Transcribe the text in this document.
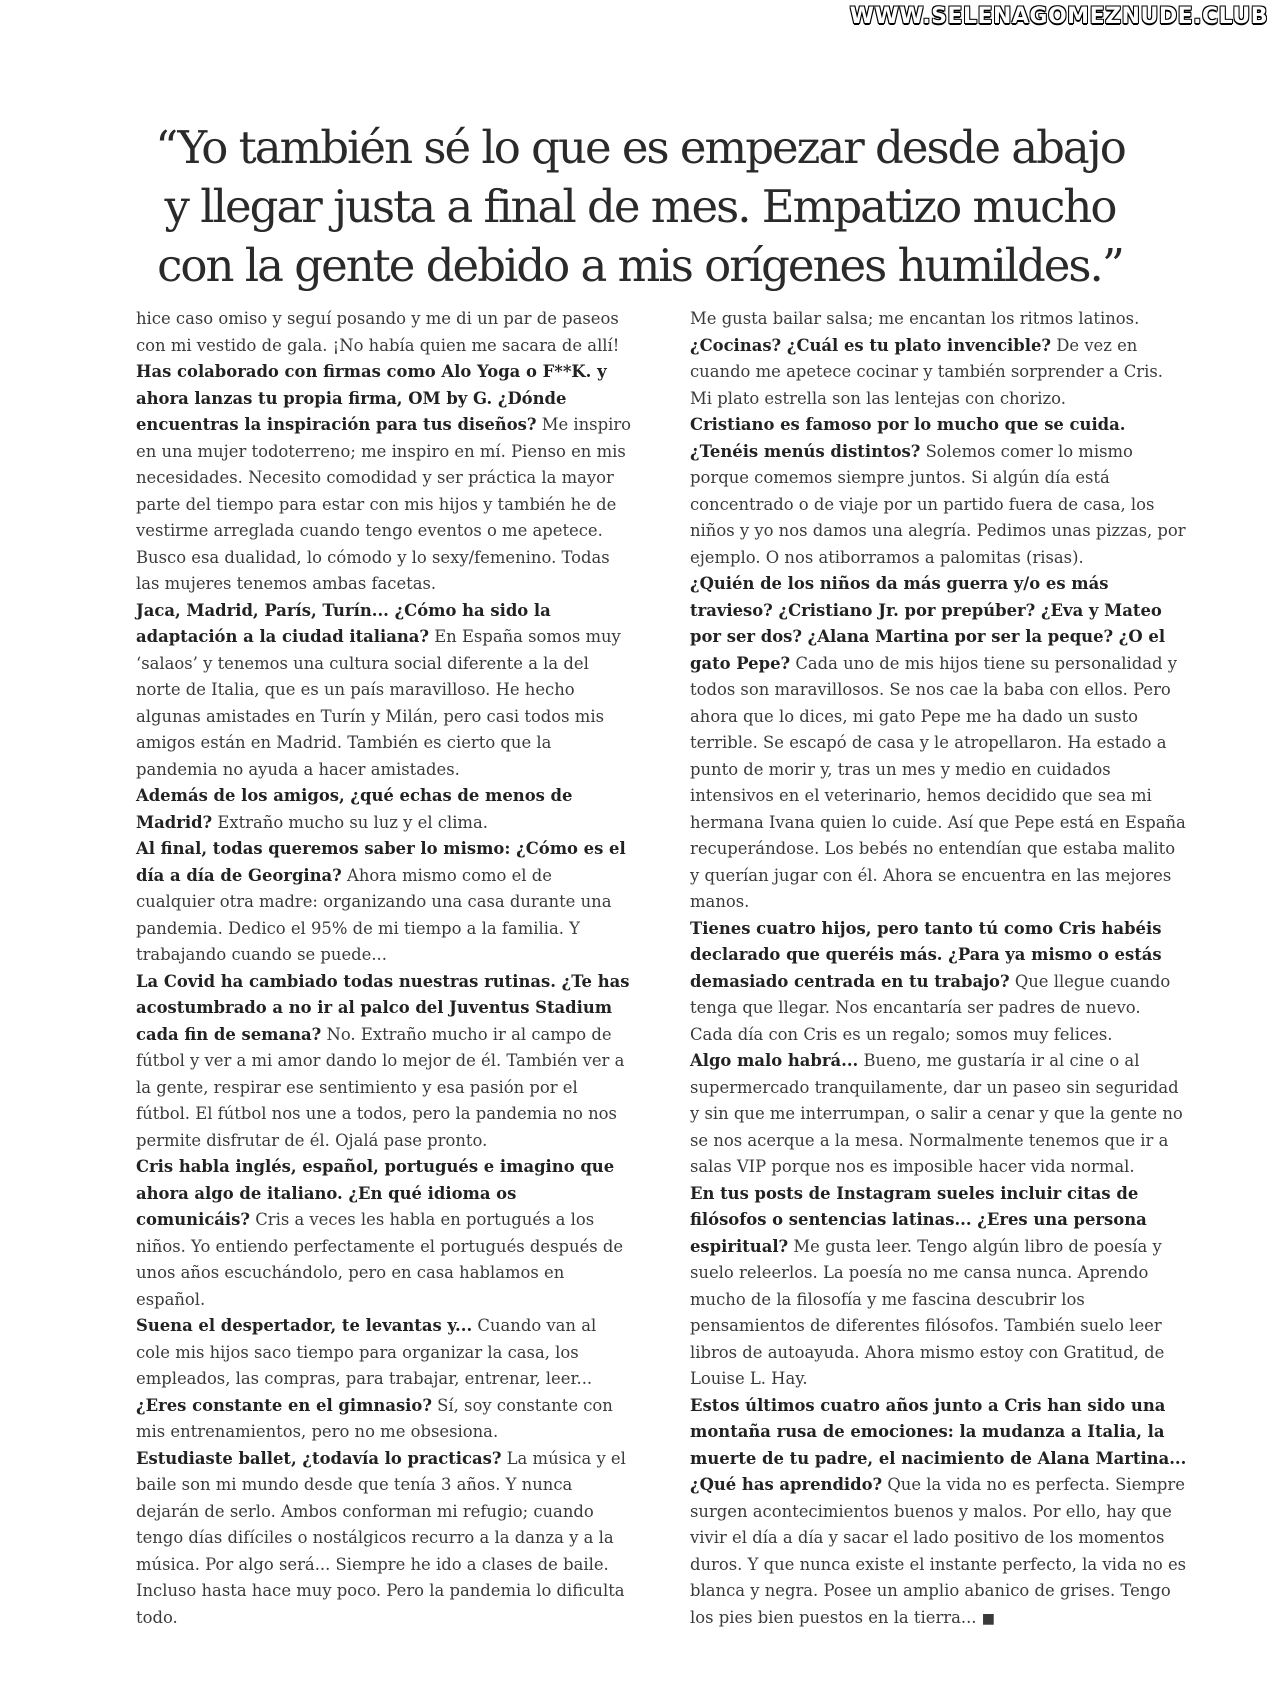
WWW.SELENAGOMEZNUDE.CLUB
“Yo también sé lo que es empezar desde abajo y llegar justa a final de mes. Empatizo mucho con la gente debido a mis orígenes humildes.”

hice caso omiso y seguí posando y me di un par de paseos con mi vestido de gala. ¡No había quien me sacara de allí!

Has colaborado con firmas como Alo Yoga o F**K. y ahora lanzas tu propia firma, OM by G. ¿Dónde encuentras la inspiración para tus diseños? Me inspiro en una mujer todoterreno; me inspiro en mí. Pienso en mis necesidades. Necesito comodidad y ser práctica la mayor parte del tiempo para estar con mis hijos y también he de vestirme arreglada cuando tengo eventos o me apetece. Busco esa dualidad, lo cómodo y lo sexy/femenino. Todas las mujeres tenemos ambas facetas.

Jaca, Madrid, París, Turín... ¿Cómo ha sido la adaptación a la ciudad italiana? En España somos muy ‘salaos’ y tenemos una cultura social diferente a la del norte de Italia, que es un país maravilloso. He hecho algunas amistades en Turín y Milán, pero casi todos mis amigos están en Madrid. También es cierto que la pandemia no ayuda a hacer amistades.

Además de los amigos, ¿qué echas de menos de Madrid? Extraño mucho su luz y el clima.

Al final, todas queremos saber lo mismo: ¿Cómo es el día a día de Georgina? Ahora mismo como el de cualquier otra madre: organizando una casa durante una pandemia. Dedico el 95% de mi tiempo a la familia. Y trabajando cuando se puede...

La Covid ha cambiado todas nuestras rutinas. ¿Te has acostumbrado a no ir al palco del Juventus Stadium cada fin de semana? No. Extraño mucho ir al campo de fútbol y ver a mi amor dando lo mejor de él. También ver a la gente, respirar ese sentimiento y esa pasión por el fútbol. El fútbol nos une a todos, pero la pandemia no nos permite disfrutar de él. Ojalá pase pronto.

Cris habla inglés, español, portugués e imagino que ahora algo de italiano. ¿En qué idioma os comunicáis? Cris a veces les habla en portugués a los niños. Yo entiendo perfectamente el portugués después de unos años escuchándolo, pero en casa hablamos en español.

Suena el despertador, te levantas y... Cuando van al cole mis hijos saco tiempo para organizar la casa, los empleados, las compras, para trabajar, entrenar, leer...

¿Eres constante en el gimnasio? Sí, soy constante con mis entrenamientos, pero no me obsesiona.

Estudiaste ballet, ¿todavía lo practicas? La música y el baile son mi mundo desde que tenía 3 años. Y nunca dejarán de serlo. Ambos conforman mi refugio; cuando tengo días difíciles o nostálgicos recurro a la danza y a la música. Por algo será... Siempre he ido a clases de baile. Incluso hasta hace muy poco. Pero la pandemia lo dificulta todo.

Me gusta bailar salsa; me encantan los ritmos latinos.

¿Cocinas? ¿Cuál es tu plato invencible? De vez en cuando me apetece cocinar y también sorprender a Cris. Mi plato estrella son las lentejas con chorizo.

Cristiano es famoso por lo mucho que se cuida. ¿Tenéis menús distintos? Solemos comer lo mismo porque comemos siempre juntos. Si algún día está concentrado o de viaje por un partido fuera de casa, los niños y yo nos damos una alegría. Pedimos unas pizzas, por ejemplo. O nos atiborramos a palomitas (risas).

¿Quién de los niños da más guerra y/o es más travieso? ¿Cristiano Jr. por prepúber? ¿Eva y Mateo por ser dos? ¿Alana Martina por ser la peque? ¿O el gato Pepe? Cada uno de mis hijos tiene su personalidad y todos son maravillosos. Se nos cae la baba con ellos. Pero ahora que lo dices, mi gato Pepe me ha dado un susto terrible. Se escapó de casa y le atropellaron. Ha estado a punto de morir y, tras un mes y medio en cuidados intensivos en el veterinario, hemos decidido que sea mi hermana Ivana quien lo cuide. Así que Pepe está en España recuperándose. Los bebés no entendían que estaba malito y querían jugar con él. Ahora se encuentra en las mejores manos.

Tienes cuatro hijos, pero tanto tú como Cris habéis declarado que queréis más. ¿Para ya mismo o estás demasiado centrada en tu trabajo? Que llegue cuando tenga que llegar. Nos encantaría ser padres de nuevo. Cada día con Cris es un regalo; somos muy felices.

Algo malo habrá... Bueno, me gustaría ir al cine o al supermercado tranquilamente, dar un paseo sin seguridad y sin que me interrumpan, o salir a cenar y que la gente no se nos acerque a la mesa. Normalmente tenemos que ir a salas VIP porque nos es imposible hacer vida normal.

En tus posts de Instagram sueles incluir citas de filósofos o sentencias latinas... ¿Eres una persona espiritual? Me gusta leer. Tengo algún libro de poesía y suelo releerlos. La poesía no me cansa nunca. Aprendo mucho de la filosofía y me fascina descubrir los pensamientos de diferentes filósofos. También suelo leer libros de autoayuda. Ahora mismo estoy con Gratitud, de Louise L. Hay.

Estos últimos cuatro años junto a Cris han sido una montaña rusa de emociones: la mudanza a Italia, la muerte de tu padre, el nacimiento de Alana Martina... ¿Qué has aprendido? Que la vida no es perfecta. Siempre surgen acontecimientos buenos y malos. Por ello, hay que vivir el día a día y sacar el lado positivo de los momentos duros. Y que nunca existe el instante perfecto, la vida no es blanca y negra. Posee un amplio abanico de grises. Tengo los pies bien puestos en la tierra... ■
